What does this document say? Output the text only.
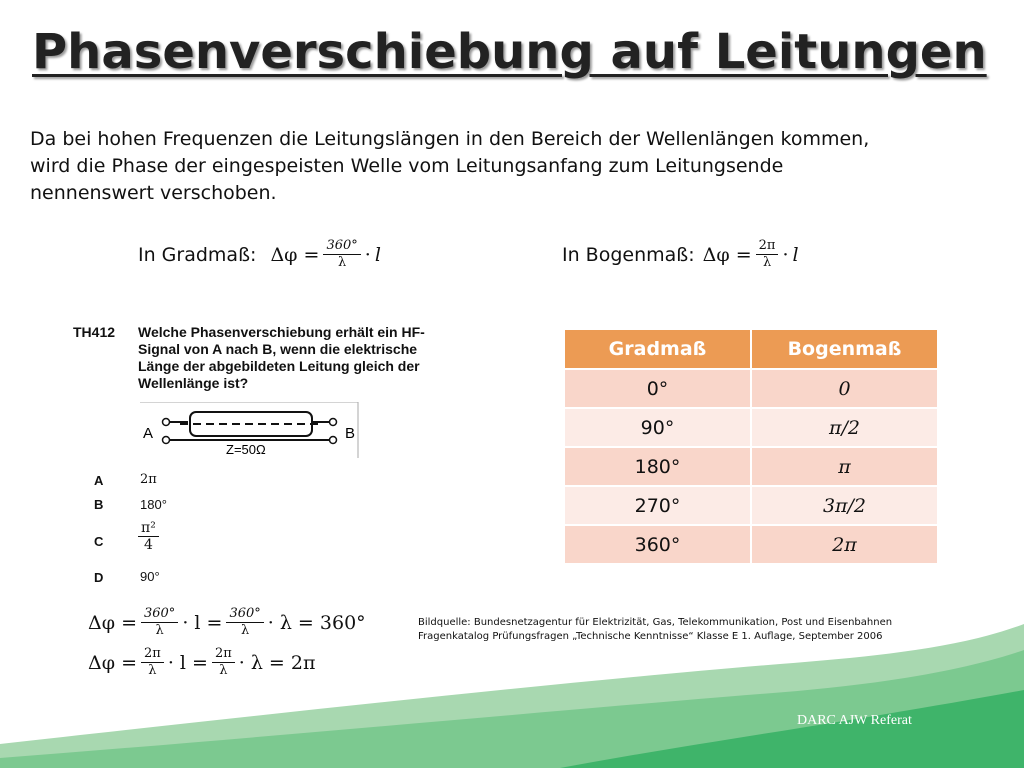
Phasenverschiebung auf Leitungen
Da bei hohen Frequenzen die Leitungslängen in den Bereich der Wellenlängen kommen, wird die Phase der eingespeisten Welle vom Leitungsanfang zum Leitungsende nennenswert verschoben.
In Gradmaß: $\Delta\varphi = \frac{360^\circ}{\lambda} \cdot l$	In Bogenmaß: $\Delta\varphi = \frac{2\pi}{\lambda} \cdot l$
TH412 Welche Phasenverschiebung erhält ein HF-Signal von A nach B, wenn die elektrische Länge der abgebildeten Leitung gleich der Wellenlänge ist?
A	B
Z=50Ω
A	2π
B	180°
C $\frac{\text{π²}}{4}$
D	90°
Gradmaß	Bogenmaß
0°	0
90°	π/2
180°	π
270°	3π/2
360°	2π
$\Delta\varphi = \frac{360^\circ}{\lambda} \cdot l = \frac{360^\circ}{\lambda} \cdot \lambda = 360^\circ$
$\Delta\varphi = \frac{2\pi}{\lambda} \cdot l = \frac{2\pi}{\lambda} \cdot \lambda = 2\pi$
Bildquelle: Bundesnetzagentur für Elektrizität, Gas, Telekommunikation, Post und Eisenbahnen
Fragenkatalog Prüfungsfragen „Technische Kenntnisse“ Klasse E 1. Auflage, September 2006
DARC AJW Referat
